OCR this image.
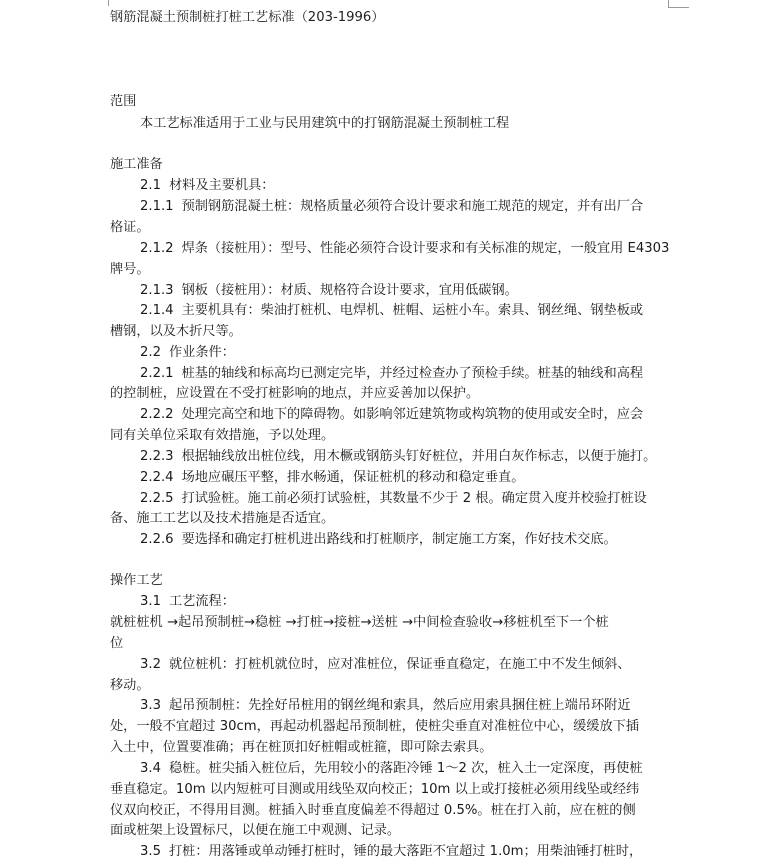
钢筋混凝土预制桩打桩工艺标准（203-1996）
范围
本工艺标准适用于工业与民用建筑中的打钢筋混凝土预制桩工程
施工准备
2.1 材料及主要机具：
2.1.1 预制钢筋混凝土桩：规格质量必须符合设计要求和施工规范的规定，并有出厂合
格证。
2.1.2 焊条（接桩用）：型号、性能必须符合设计要求和有关标准的规定，一般宜用 E4303
牌号。
2.1.3 钢板（接桩用）：材质、规格符合设计要求，宜用低碳钢。
2.1.4 主要机具有：柴油打桩机、电焊机、桩帽、运桩小车。索具、钢丝绳、钢垫板或
槽钢，以及木折尺等。
2.2 作业条件：
2.2.1 桩基的轴线和标高均已测定完毕，并经过检查办了预检手续。桩基的轴线和高程
的控制桩，应设置在不受打桩影响的地点，并应妥善加以保护。
2.2.2 处理完高空和地下的障碍物。如影响邻近建筑物或构筑物的使用或安全时，应会
同有关单位采取有效措施，予以处理。
2.2.3 根据轴线放出桩位线，用木橛或钢筋头钉好桩位，并用白灰作标志，以便于施打。
2.2.4 场地应碾压平整，排水畅通，保证桩机的移动和稳定垂直。
2.2.5 打试验桩。施工前必须打试验桩，其数量不少于 2 根。确定贯入度并校验打桩设
备、施工工艺以及技术措施是否适宜。
2.2.6 要选择和确定打桩机进出路线和打桩顺序，制定施工方案，作好技术交底。
操作工艺
3.1 工艺流程：
就桩桩机 →起吊预制桩→稳桩 →打桩→接桩→送桩 →中间检查验收→移桩机至下一个桩
位
3.2 就位桩机：打桩机就位时，应对准桩位，保证垂直稳定，在施工中不发生倾斜、
移动。
3.3 起吊预制桩：先拴好吊桩用的钢丝绳和索具，然后应用索具捆住桩上端吊环附近
处，一般不宜超过 30cm，再起动机器起吊预制桩，使桩尖垂直对准桩位中心，缓缓放下插
入土中，位置要准确；再在桩顶扣好桩帽或桩箍，即可除去索具。
3.4 稳桩。桩尖插入桩位后，先用较小的落距冷锤 1～2 次，桩入土一定深度，再使桩
垂直稳定。10m 以内短桩可目测或用线坠双向校正；10m 以上或打接桩必须用线坠或经纬
仪双向校正，不得用目测。桩插入时垂直度偏差不得超过 0.5%。桩在打入前，应在桩的侧
面或桩架上设置标尺，以便在施工中观测、记录。
3.5 打桩：用落锤或单动锤打桩时，锤的最大落距不宜超过 1.0m；用柴油锤打桩时，
